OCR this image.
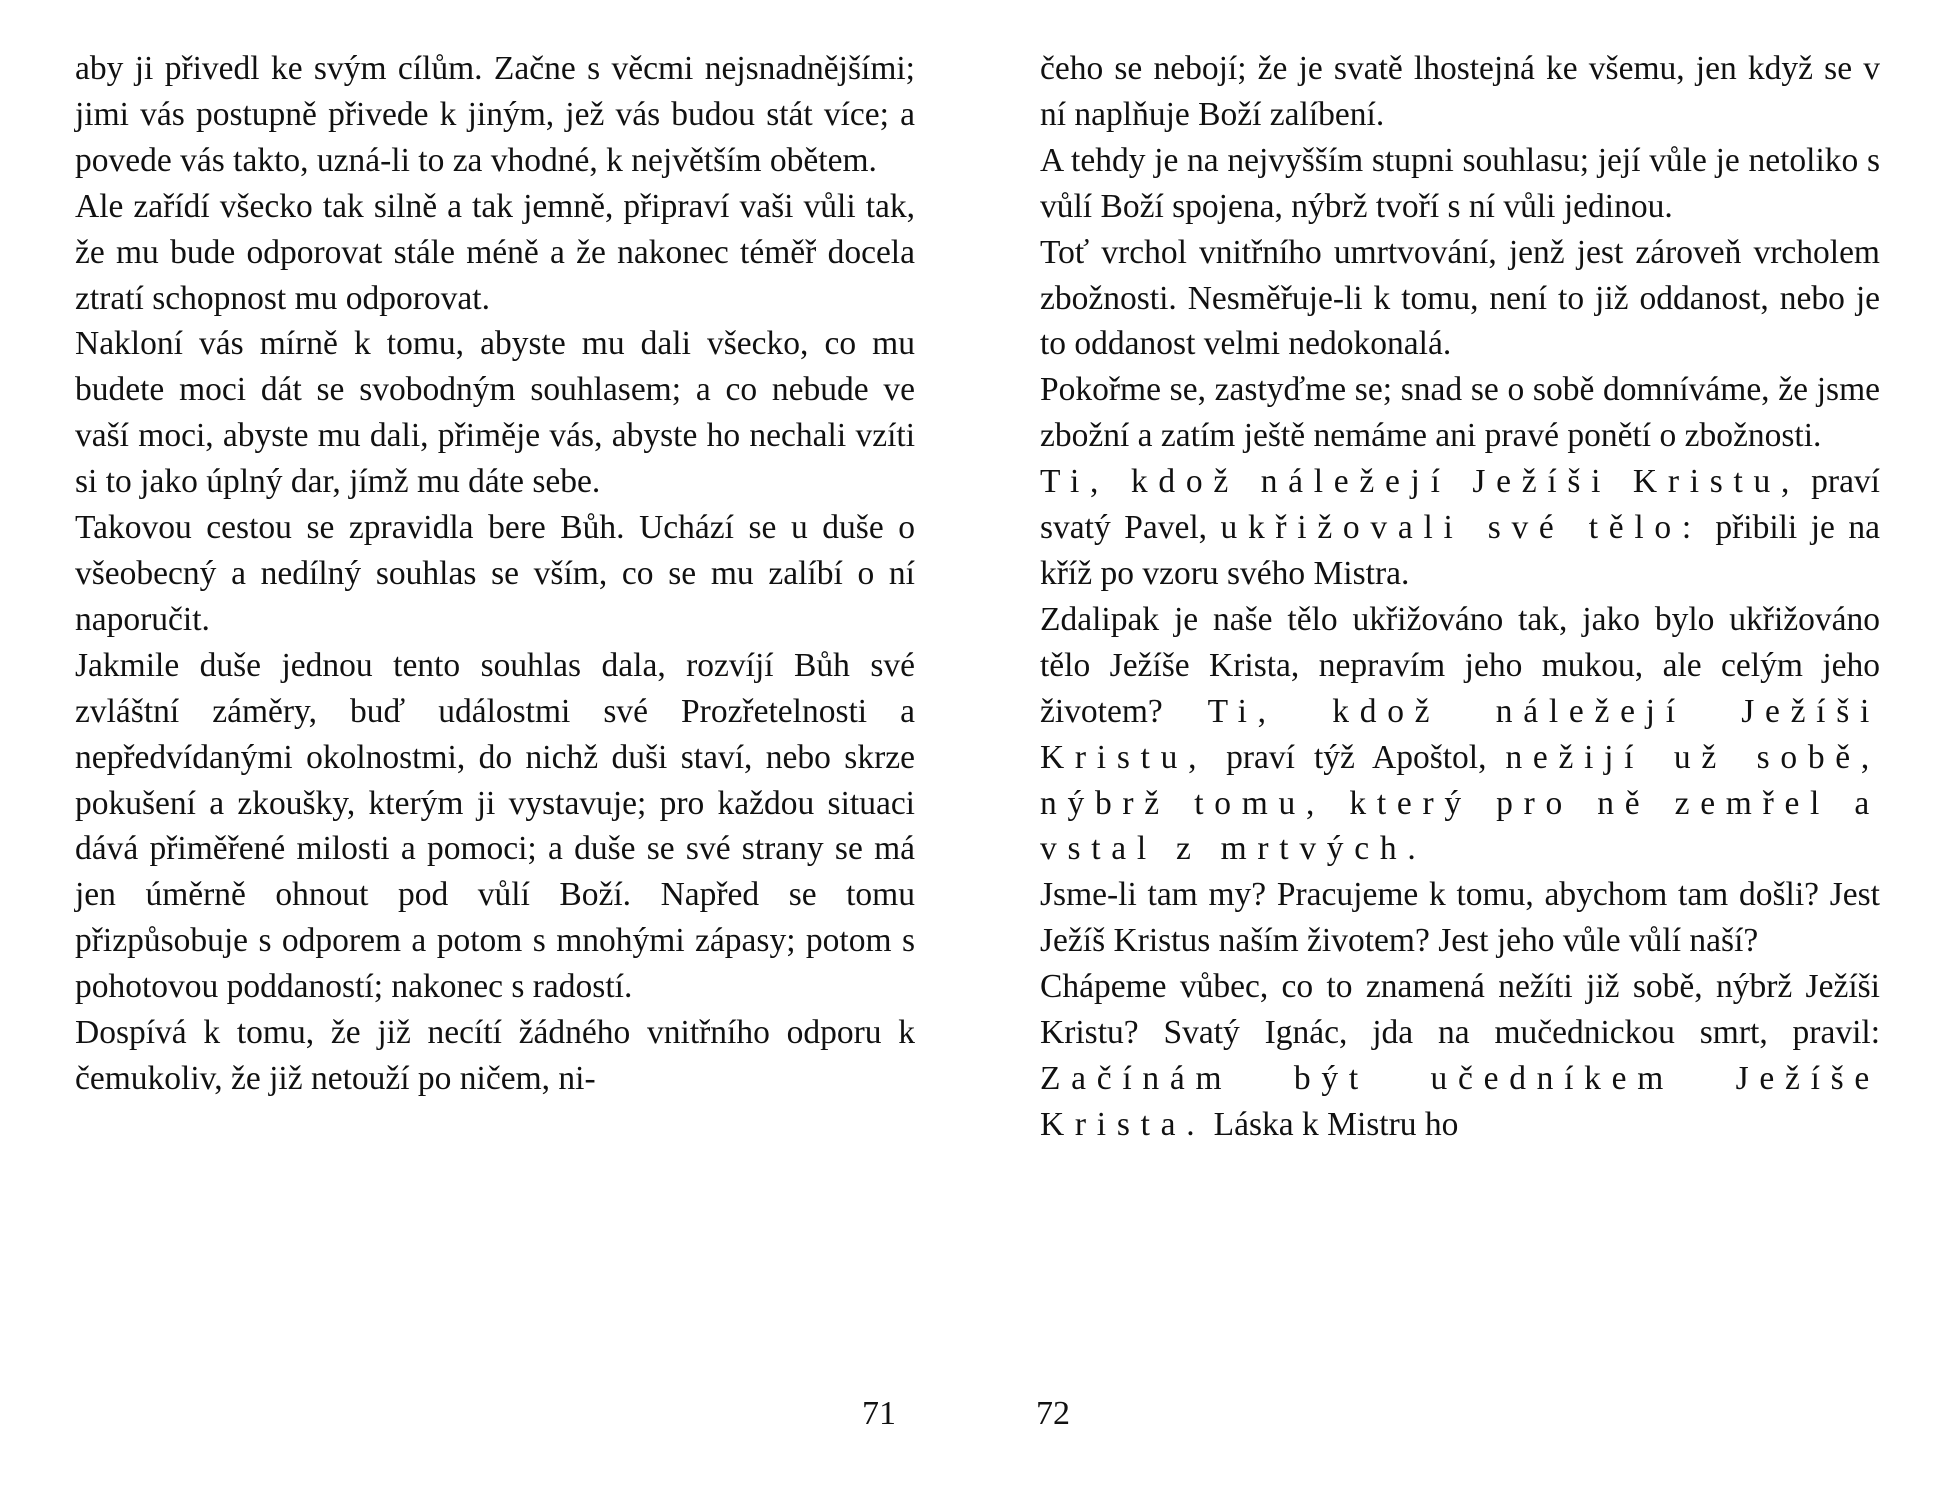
aby ji přivedl ke svým cílům. Začne s věcmi nejsnadnějšími; jimi vás postupně přivede k jiným, jež vás budou stát více; a povede vás takto, uzná-li to za vhodné, k největším obětem.

Ale zařídí všecko tak silně a tak jemně, připraví vaši vůli tak, že mu bude odporovat stále méně a že nakonec téměř docela ztratí schopnost mu odporovat.

Nakloní vás mírně k tomu, abyste mu dali všecko, co mu budete moci dát se svobodným souhlasem; a co nebude ve vaší moci, abyste mu dali, přiměje vás, abyste ho nechali vzíti si to jako úplný dar, jímž mu dáte sebe.

Takovou cestou se zpravidla bere Bůh. Uchází se u duše o všeobecný a nedílný souhlas se vším, co se mu zalíbí o ní naporučit.

Jakmile duše jednou tento souhlas dala, rozvíjí Bůh své zvláštní záměry, buď událostmi své Prozřetelnosti a nepředvídanými okolnostmi, do nichž duši staví, nebo skrze pokušení a zkoušky, kterým ji vystavuje; pro každou situaci dává přiměřené milosti a pomoci; a duše se své strany se má jen úměrně ohnout pod vůlí Boží. Napřed se tomu přizpůsobuje s odporem a potom s mnohými zápasy; potom s pohotovou poddaností; nakonec s radostí.

Dospívá k tomu, že již necítí žádného vnitřního odporu k čemukoliv, že již netouží po ničem, ni-

71

čeho se nebojí; že je svatě lhostejná ke všemu, jen když se v ní naplňuje Boží zalíbení.

A tehdy je na nejvyšším stupni souhlasu; její vůle je netoliko s vůlí Boží spojena, nýbrž tvoří s ní vůli jedinou.

Toť vrchol vnitřního umrtvování, jenž jest zároveň vrcholem zbožnosti. Nesměřuje-li k tomu, není to již oddanost, nebo je to oddanost velmi nedokonalá.

Pokořme se, zastyďme se; snad se o sobě domníváme, že jsme zbožní a zatím ještě nemáme ani pravé ponětí o zbožnosti.

Ti, kdož náležejí Ježíši Kristu, praví svatý Pavel, ukřižovali své tělo: přibili je na kříž po vzoru svého Mistra.

Zdalipak je naše tělo ukřižováno tak, jako bylo ukřižováno tělo Ježíše Krista, nepravím jeho mukou, ale celým jeho životem? Ti, kdož náležejí Ježíši Kristu, praví týž Apoštol, nežijí už sobě, nýbrž tomu, který pro ně zemřel a vstal z mrtvých.

Jsme-li tam my? Pracujeme k tomu, abychom tam došli? Jest Ježíš Kristus naším životem? Jest jeho vůle vůlí naší?

Chápeme vůbec, co to znamená nežíti již sobě, nýbrž Ježíši Kristu? Svatý Ignác, jda na mučednickou smrt, pravil: Začínám být učedníkem Ježíše Krista. Láska k Mistru ho

72
